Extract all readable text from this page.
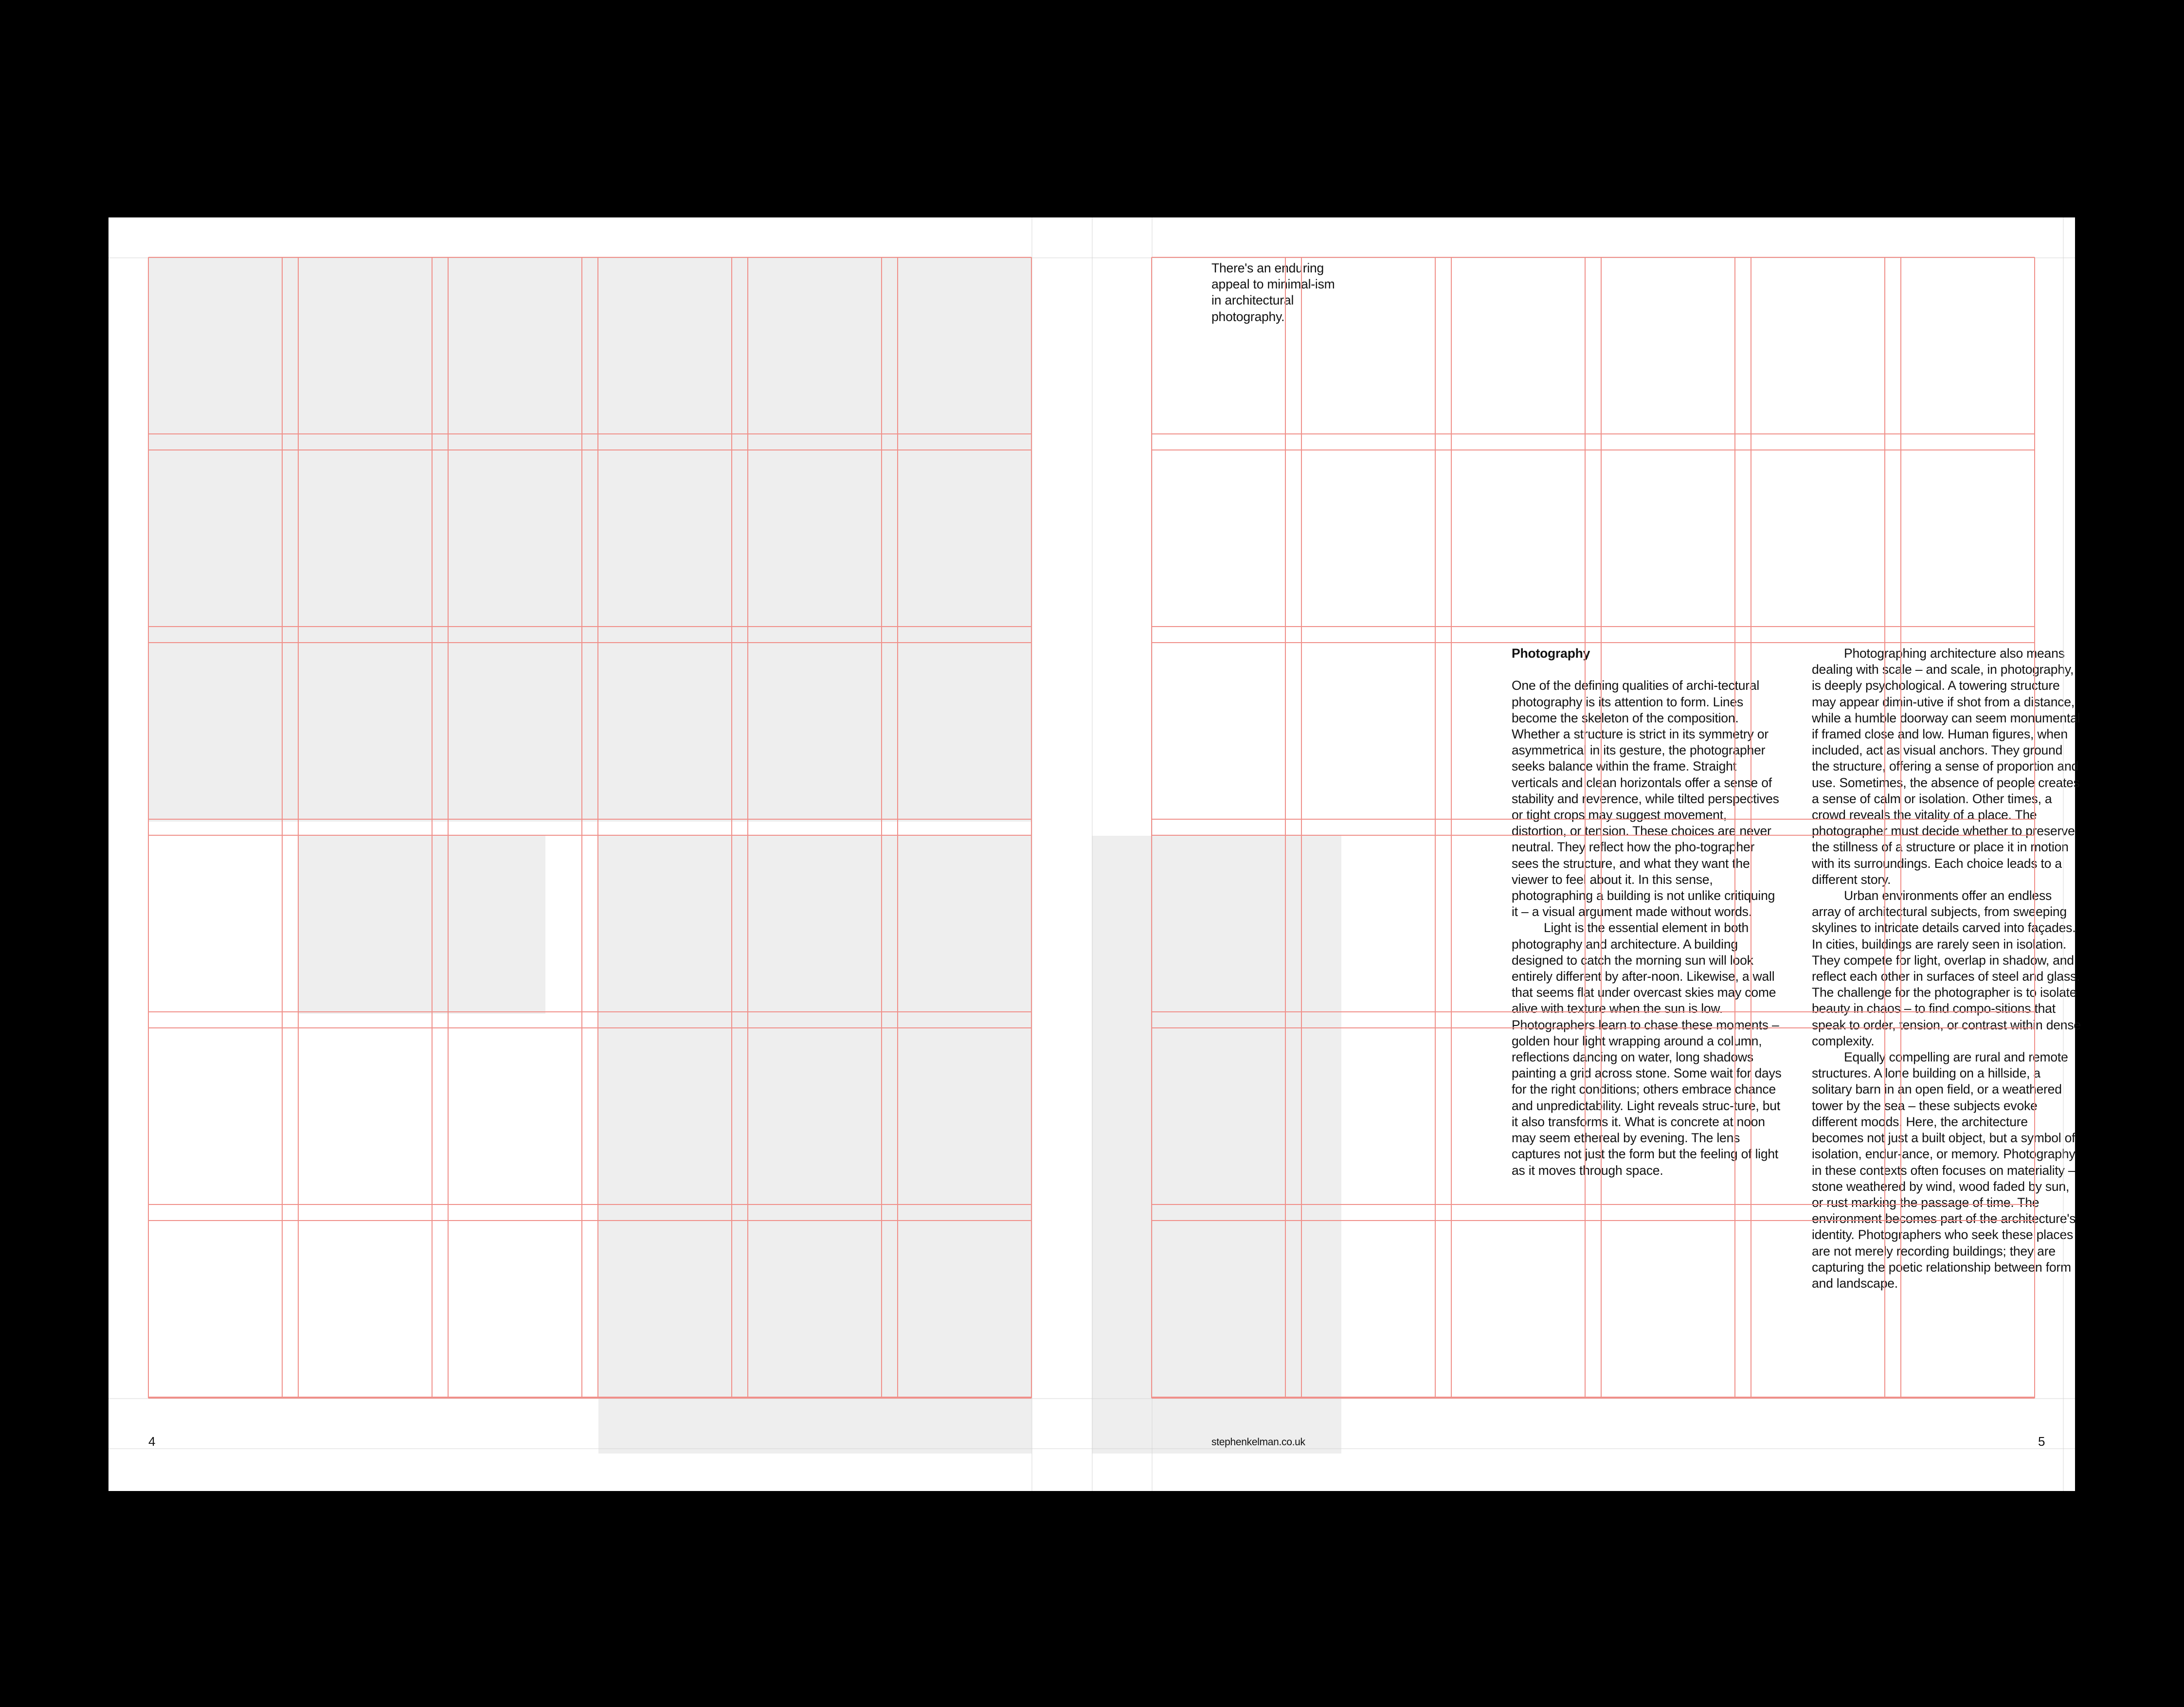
4

There's an enduring appeal to minimal-ism in architectural photography.

Photography

One of the defining qualities of archi-tectural photography is its attention to form. Lines become the skeleton of the composition. Whether a structure is strict in its symmetry or asymmetrical in its gesture, the photographer seeks balance within the frame. Straight verticals and clean horizontals offer a sense of stability and reverence, while tilted perspectives or tight crops may suggest movement, distortion, or tension. These choices are never neutral. They reflect how the pho-tographer sees the structure, and what they want the viewer to feel about it. In this sense, photographing a building is not unlike critiquing it – a visual argument made without words.

Light is the essential element in both photography and architecture. A building designed to catch the morning sun will look entirely different by after-noon. Likewise, a wall that seems flat under overcast skies may come alive with texture when the sun is low. Photographers learn to chase these moments – golden hour light wrapping around a column, reflections dancing on water, long shadows painting a grid across stone. Some wait for days for the right conditions; others embrace chance and unpredictability. Light reveals struc-ture, but it also transforms it. What is concrete at noon may seem ethereal by evening. The lens captures not just the form but the feeling of light as it moves through space.

Photographing architecture also means dealing with scale – and scale, in photography, is deeply psychological. A towering structure may appear dimin-utive if shot from a distance, while a humble doorway can seem monumental if framed close and low. Human figures, when included, act as visual anchors. They ground the structure, offering a sense of proportion and use. Sometimes, the absence of people creates a sense of calm or isolation. Other times, a crowd reveals the vitality of a place. The photographer must decide whether to preserve the stillness of a structure or place it in motion with its surroundings. Each choice leads to a different story.

Urban environments offer an endless array of architectural subjects, from sweeping skylines to intricate details carved into façades. In cities, buildings are rarely seen in isolation. They compete for light, overlap in shadow, and reflect each other in surfaces of steel and glass. The challenge for the photographer is to isolate beauty in chaos – to find compo-sitions that speak to order, tension, or contrast within dense complexity.

Equally compelling are rural and remote structures. A lone building on a hillside, a solitary barn in an open field, or a weathered tower by the sea – these subjects evoke different moods. Here, the architecture becomes not just a built object, but a symbol of isolation, endur-ance, or memory. Photography in these contexts often focuses on materiality – stone weathered by wind, wood faded by sun, or rust marking the passage of time. The environment becomes part of the architecture's identity. Photographers who seek these places are not merely recording buildings; they are capturing the poetic relationship between form and landscape.

stephenkelman.co.uk	5
